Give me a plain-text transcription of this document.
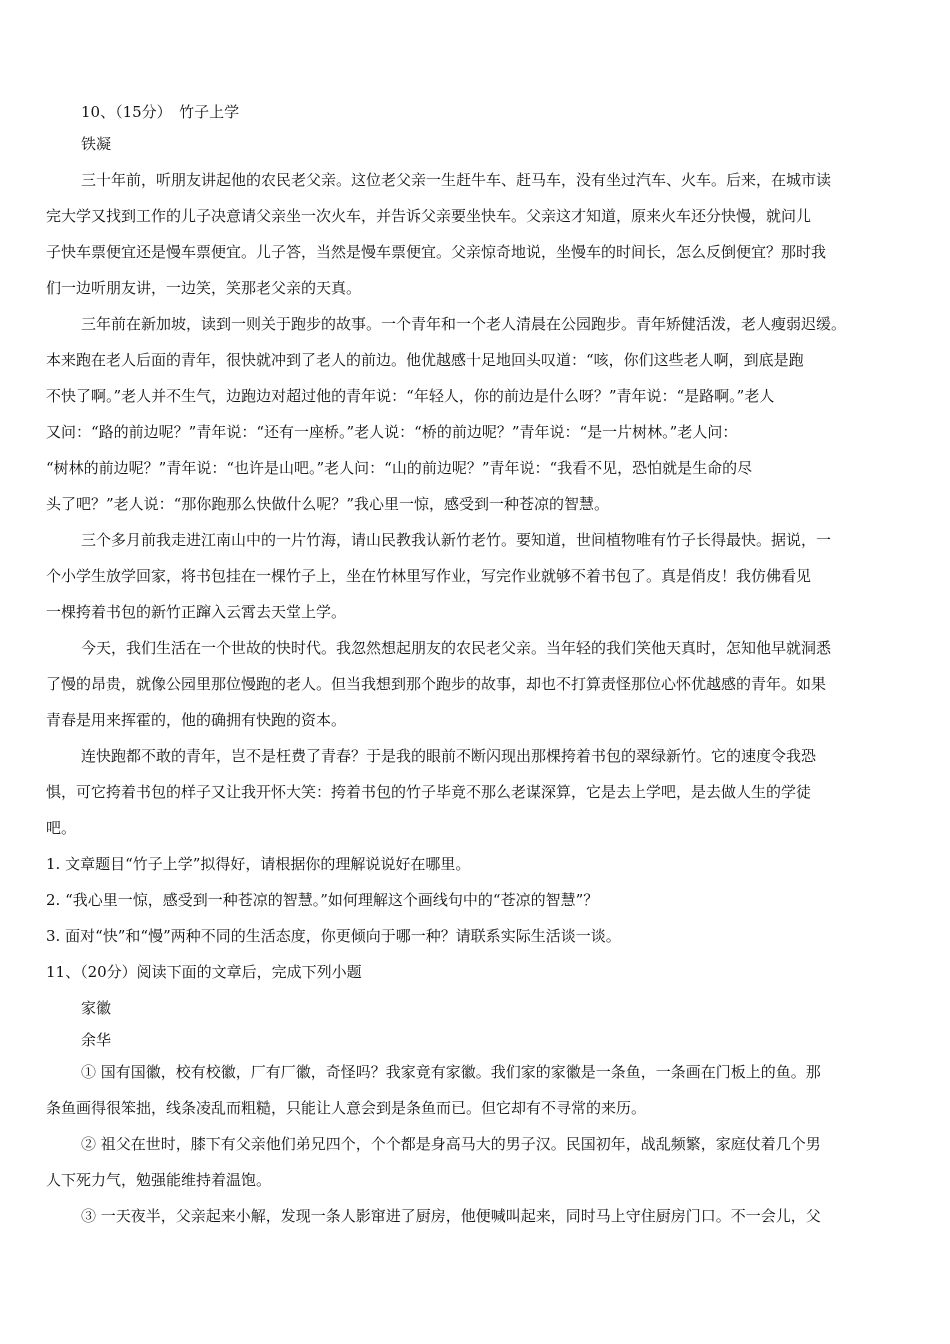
10、（15分）　竹子上学
铁凝
三十年前，听朋友讲起他的农民老父亲。这位老父亲一生赶牛车、赶马车，没有坐过汽车、火车。后来，在城市读
完大学又找到工作的儿子决意请父亲坐一次火车，并告诉父亲要坐快车。父亲这才知道，原来火车还分快慢，就问儿
子快车票便宜还是慢车票便宜。儿子答，当然是慢车票便宜。父亲惊奇地说，坐慢车的时间长，怎么反倒便宜？那时我
们一边听朋友讲，一边笑，笑那老父亲的天真。
三年前在新加坡，读到一则关于跑步的故事。一个青年和一个老人清晨在公园跑步。青年矫健活泼，老人瘦弱迟缓。
本来跑在老人后面的青年，很快就冲到了老人的前边。他优越感十足地回头叹道：“咳，你们这些老人啊，到底是跑
不快了啊。”老人并不生气，边跑边对超过他的青年说：“年轻人，你的前边是什么呀？”青年说：“是路啊。”老人
又问：“路的前边呢？”青年说：“还有一座桥。”老人说：“桥的前边呢？”青年说：“是一片树林。”老人问：
“树林的前边呢？”青年说：“也许是山吧。”老人问：“山的前边呢？”青年说：“我看不见，恐怕就是生命的尽
头了吧？”老人说：“那你跑那么快做什么呢？”我心里一惊，感受到一种苍凉的智慧。
三个多月前我走进江南山中的一片竹海，请山民教我认新竹老竹。要知道，世间植物唯有竹子长得最快。据说，一
个小学生放学回家，将书包挂在一棵竹子上，坐在竹林里写作业，写完作业就够不着书包了。真是俏皮！我仿佛看见
一棵挎着书包的新竹正蹿入云霄去天堂上学。
今天，我们生活在一个世故的快时代。我忽然想起朋友的农民老父亲。当年轻的我们笑他天真时，怎知他早就洞悉
了慢的昂贵，就像公园里那位慢跑的老人。但当我想到那个跑步的故事，却也不打算责怪那位心怀优越感的青年。如果
青春是用来挥霍的，他的确拥有快跑的资本。
连快跑都不敢的青年，岂不是枉费了青春？于是我的眼前不断闪现出那棵挎着书包的翠绿新竹。它的速度令我恐
惧，可它挎着书包的样子又让我开怀大笑：挎着书包的竹子毕竟不那么老谋深算，它是去上学吧，是去做人生的学徒
吧。
1. 文章题目“竹子上学”拟得好，请根据你的理解说说好在哪里。
2. “我心里一惊，感受到一种苍凉的智慧。”如何理解这个画线句中的“苍凉的智慧”？
3. 面对“快”和“慢”两种不同的生活态度，你更倾向于哪一种？请联系实际生活谈一谈。
11、（20分）阅读下面的文章后，完成下列小题
家徽
余华
① 国有国徽，校有校徽，厂有厂徽，奇怪吗？我家竟有家徽。我们家的家徽是一条鱼，一条画在门板上的鱼。那
条鱼画得很笨拙，线条凌乱而粗糙，只能让人意会到是条鱼而已。但它却有不寻常的来历。
② 祖父在世时，膝下有父亲他们弟兄四个，个个都是身高马大的男子汉。民国初年，战乱频繁，家庭仗着几个男
人下死力气，勉强能维持着温饱。
③ 一天夜半，父亲起来小解，发现一条人影窜进了厨房，他便喊叫起来，同时马上守住厨房门口。不一会儿，父
